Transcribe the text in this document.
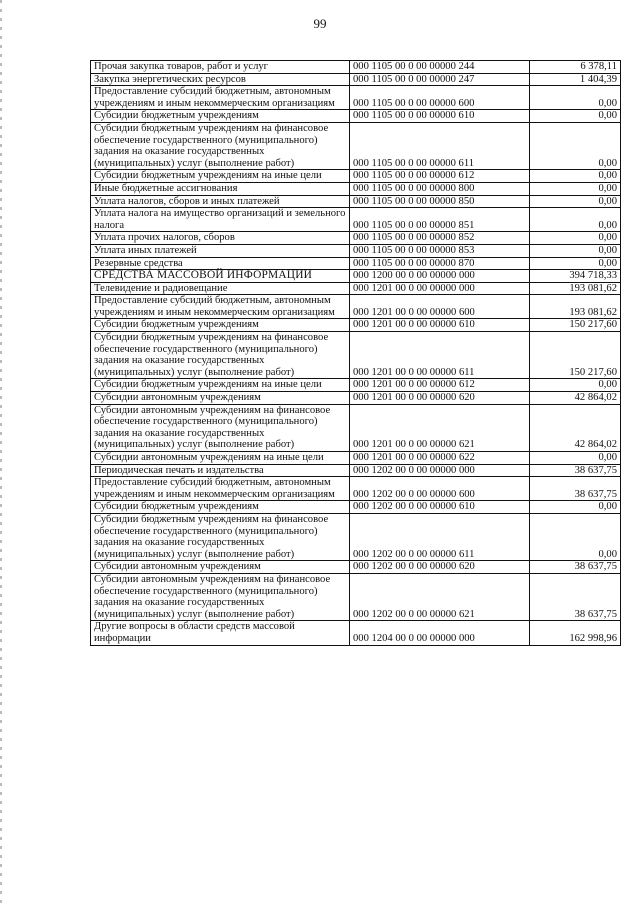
99
Прочая закупка товаров, работ и услуг	000 1105 00 0 00 00000 244	6 378,11
Закупка энергетических ресурсов	000 1105 00 0 00 00000 247	1 404,39
Предоставление субсидий бюджетным, автономным учреждениям и иным некоммерческим организациям	000 1105 00 0 00 00000 600	0,00
Субсидии бюджетным учреждениям	000 1105 00 0 00 00000 610	0,00
Субсидии бюджетным учреждениям на финансовое обеспечение государственного (муниципального) задания на оказание государственных (муниципальных) услуг (выполнение работ)	000 1105 00 0 00 00000 611	0,00
Субсидии бюджетным учреждениям на иные цели	000 1105 00 0 00 00000 612	0,00
Иные бюджетные ассигнования	000 1105 00 0 00 00000 800	0,00
Уплата налогов, сборов и иных платежей	000 1105 00 0 00 00000 850	0,00
Уплата налога на имущество организаций и земельного налога	000 1105 00 0 00 00000 851	0,00
Уплата прочих налогов, сборов	000 1105 00 0 00 00000 852	0,00
Уплата иных платежей	000 1105 00 0 00 00000 853	0,00
Резервные средства	000 1105 00 0 00 00000 870	0,00
СРЕДСТВА МАССОВОЙ ИНФОРМАЦИИ	000 1200 00 0 00 00000 000	394 718,33
Телевидение и радиовещание	000 1201 00 0 00 00000 000	193 081,62
Предоставление субсидий бюджетным, автономным учреждениям и иным некоммерческим организациям	000 1201 00 0 00 00000 600	193 081,62
Субсидии бюджетным учреждениям	000 1201 00 0 00 00000 610	150 217,60
Субсидии бюджетным учреждениям на финансовое обеспечение государственного (муниципального) задания на оказание государственных (муниципальных) услуг (выполнение работ)	000 1201 00 0 00 00000 611	150 217,60
Субсидии бюджетным учреждениям на иные цели	000 1201 00 0 00 00000 612	0,00
Субсидии автономным учреждениям	000 1201 00 0 00 00000 620	42 864,02
Субсидии автономным учреждениям на финансовое обеспечение государственного (муниципального) задания на оказание государственных (муниципальных) услуг (выполнение работ)	000 1201 00 0 00 00000 621	42 864,02
Субсидии автономным учреждениям на иные цели	000 1201 00 0 00 00000 622	0,00
Периодическая печать и издательства	000 1202 00 0 00 00000 000	38 637,75
Предоставление субсидий бюджетным, автономным учреждениям и иным некоммерческим организациям	000 1202 00 0 00 00000 600	38 637,75
Субсидии бюджетным учреждениям	000 1202 00 0 00 00000 610	0,00
Субсидии бюджетным учреждениям на финансовое обеспечение государственного (муниципального) задания на оказание государственных (муниципальных) услуг (выполнение работ)	000 1202 00 0 00 00000 611	0,00
Субсидии автономным учреждениям	000 1202 00 0 00 00000 620	38 637,75
Субсидии автономным учреждениям на финансовое обеспечение государственного (муниципального) задания на оказание государственных (муниципальных) услуг (выполнение работ)	000 1202 00 0 00 00000 621	38 637,75
Другие вопросы в области средств массовой информации	000 1204 00 0 00 00000 000	162 998,96
